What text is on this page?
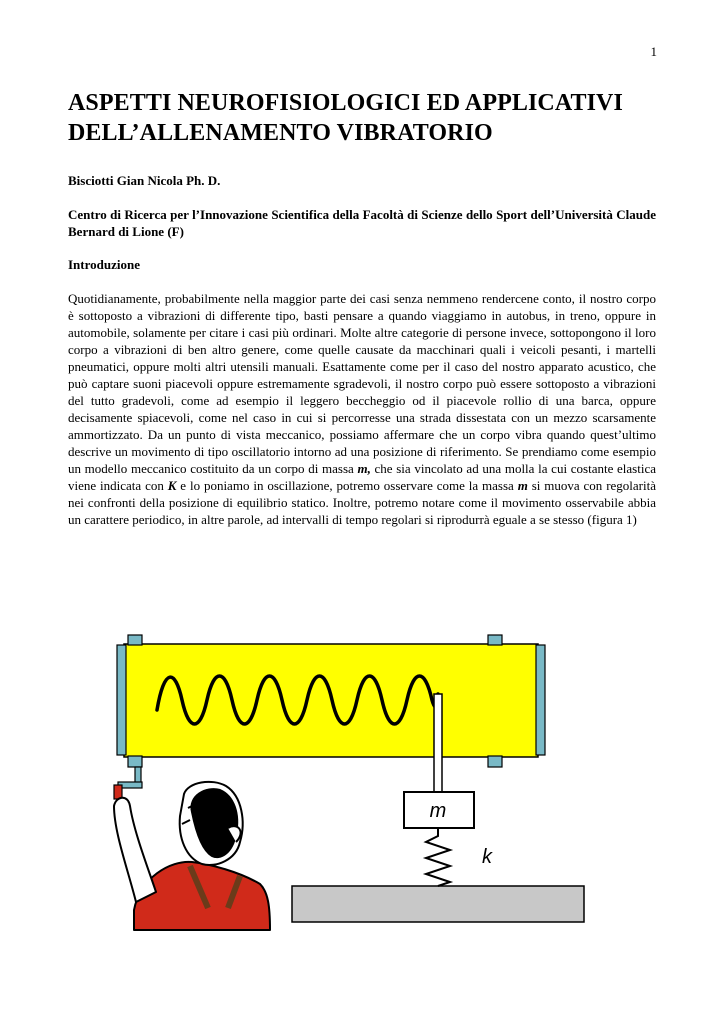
1
ASPETTI NEUROFISIOLOGICI ED APPLICATIVI DELL’ALLENAMENTO VIBRATORIO
Bisciotti Gian Nicola Ph. D.
Centro di Ricerca per l’Innovazione Scientifica della Facoltà di Scienze dello Sport dell’Università Claude Bernard di Lione (F)
Introduzione
Quotidianamente, probabilmente nella maggior parte dei casi senza nemmeno rendercene conto, il nostro corpo è sottoposto a vibrazioni di differente tipo, basti pensare a quando viaggiamo in autobus, in treno, oppure in automobile, solamente per citare i casi più ordinari. Molte altre categorie di persone invece, sottopongono il loro corpo a vibrazioni di ben altro genere, come quelle causate da macchinari quali i veicoli pesanti, i martelli pneumatici, oppure molti altri utensili manuali. Esattamente come per il caso del nostro apparato acustico, che può captare suoni piacevoli oppure estremamente sgradevoli, il nostro corpo può essere sottoposto a vibrazioni del tutto gradevoli, come ad esempio il leggero beccheggio od il piacevole rollio di una barca, oppure decisamente spiacevoli, come nel caso in cui si percorresse una strada dissestata con un mezzo scarsamente ammortizzato. Da un punto di vista meccanico, possiamo affermare che un corpo vibra quando quest’ultimo descrive un movimento di tipo oscillatorio intorno ad una posizione di riferimento. Se prendiamo come esempio un modello meccanico costituito da un corpo di massa m, che sia vincolato ad una molla la cui costante elastica viene indicata con K e lo poniamo in oscillazione, potremo osservare come la massa m si muova con regolarità nei confronti della posizione di equilibrio statico. Inoltre, potremo notare come il movimento osservabile abbia un carattere periodico, in altre parole, ad intervalli di tempo regolari si riprodurrà eguale a se stesso (figura 1)
m
k
